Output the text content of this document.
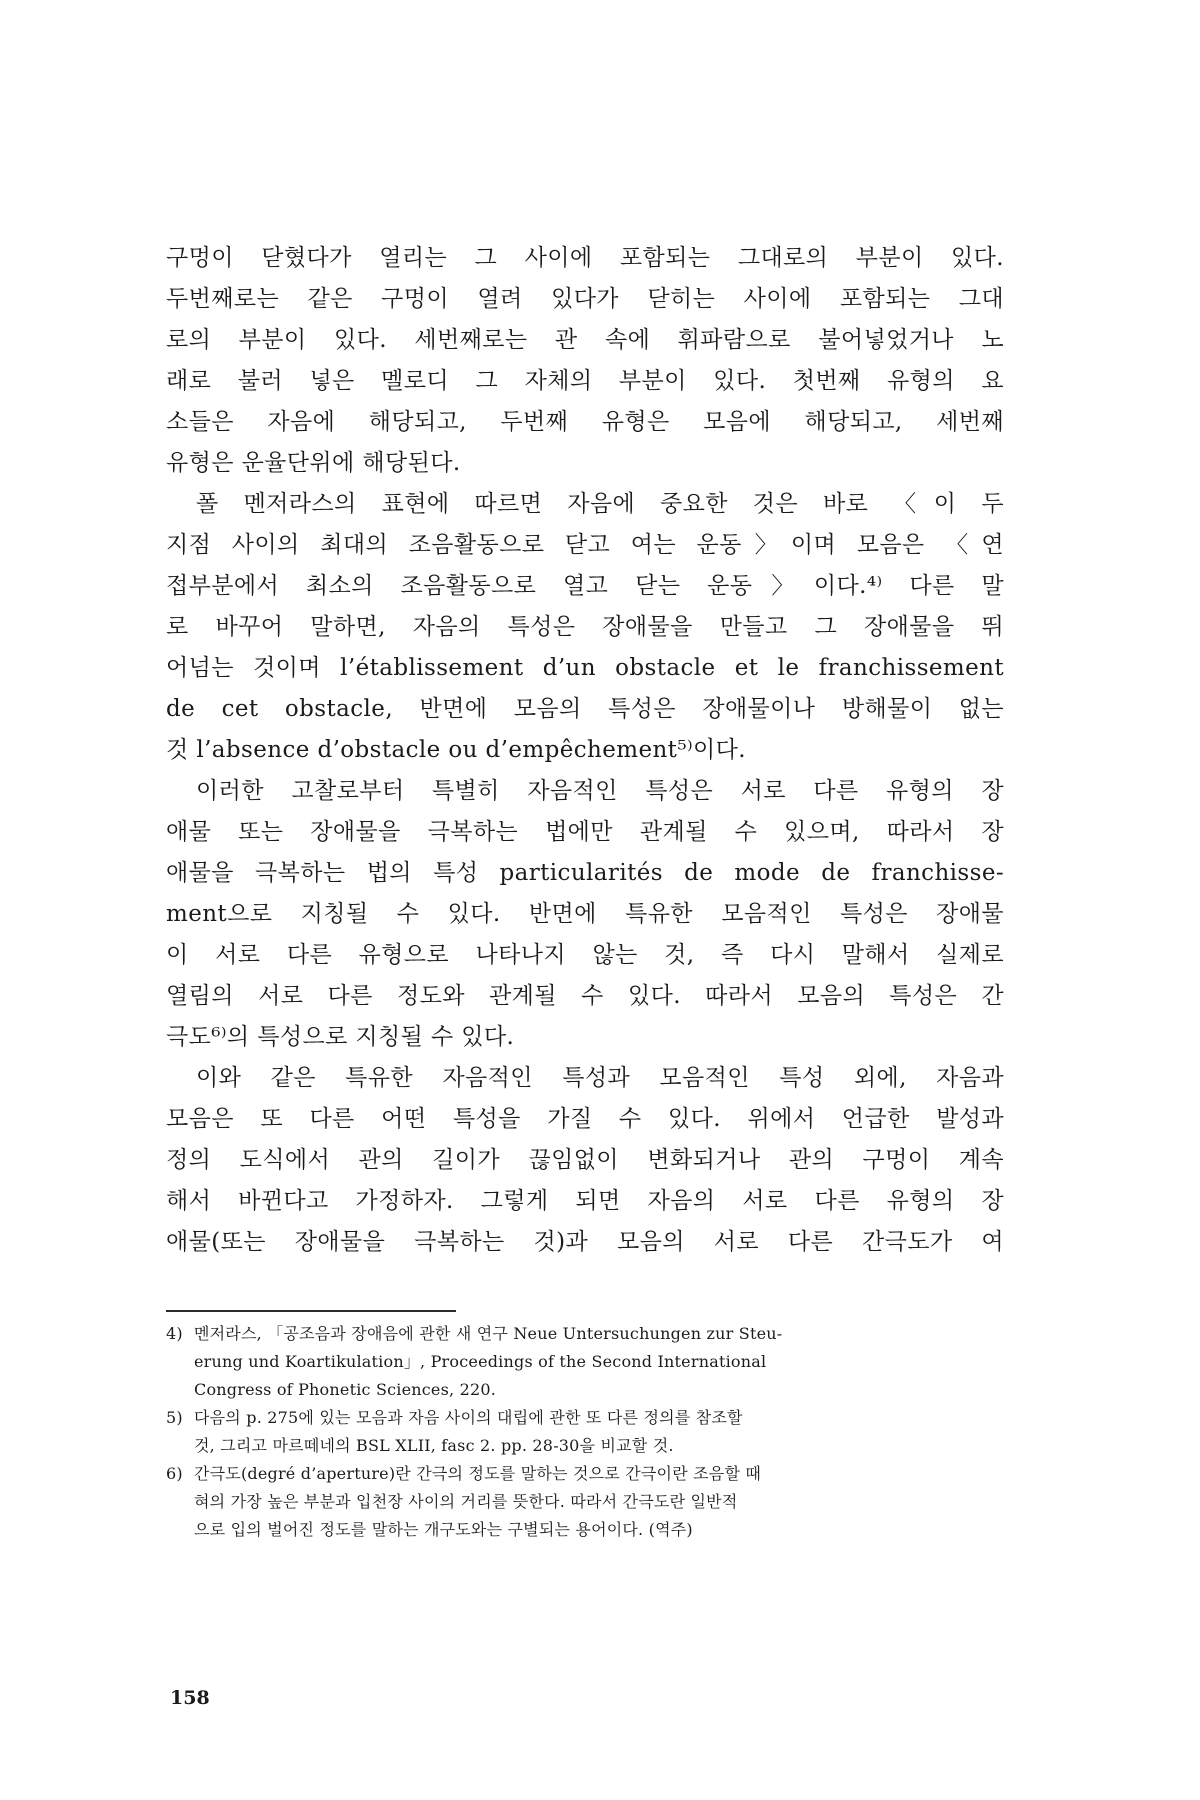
구멍이 닫혔다가 열리는 그 사이에 포함되는 그대로의 부분이 있다.
두번째로는 같은 구멍이 열려 있다가 닫히는 사이에 포함되는 그대
로의 부분이 있다. 세번째로는 관 속에 휘파람으로 불어넣었거나 노
래로 불러 넣은 멜로디 그 자체의 부분이 있다. 첫번째 유형의 요
소들은 자음에 해당되고, 두번째 유형은 모음에 해당되고, 세번째
유형은 운율단위에 해당된다.
폴 멘저라스의 표현에 따르면 자음에 중요한 것은 바로 〈이 두
지점 사이의 최대의 조음활동으로 닫고 여는 운동〉이며 모음은 〈연
접부분에서 최소의 조음활동으로 열고 닫는 운동〉이다.⁴⁾ 다른 말
로 바꾸어 말하면, 자음의 특성은 장애물을 만들고 그 장애물을 뛰
어넘는 것이며 l’établissement d’un obstacle et le franchissement
de cet obstacle, 반면에 모음의 특성은 장애물이나 방해물이 없는
것 l’absence d’obstacle ou d’empêchement⁵⁾이다.
이러한 고찰로부터 특별히 자음적인 특성은 서로 다른 유형의 장
애물 또는 장애물을 극복하는 법에만 관계될 수 있으며, 따라서 장
애물을 극복하는 법의 특성 particularités de mode de franchisse-
ment으로 지칭될 수 있다. 반면에 특유한 모음적인 특성은 장애물
이 서로 다른 유형으로 나타나지 않는 것, 즉 다시 말해서 실제로
열림의 서로 다른 정도와 관계될 수 있다. 따라서 모음의 특성은 간
극도⁶⁾의 특성으로 지칭될 수 있다.
이와 같은 특유한 자음적인 특성과 모음적인 특성 외에, 자음과
모음은 또 다른 어떤 특성을 가질 수 있다. 위에서 언급한 발성과
정의 도식에서 관의 길이가 끊임없이 변화되거나 관의 구멍이 계속
해서 바뀐다고 가정하자. 그렇게 되면 자음의 서로 다른 유형의 장
애물(또는 장애물을 극복하는 것)과 모음의 서로 다른 간극도가 여
4) 멘저라스, 「공조음과 장애음에 관한 새 연구 Neue Untersuchungen zur Steu-
erung und Koartikulation」, Proceedings of the Second International
Congress of Phonetic Sciences, 220.
5) 다음의 p. 275에 있는 모음과 자음 사이의 대립에 관한 또 다른 정의를 참조할
것, 그리고 마르떼네의 BSL XLII, fasc 2. pp. 28-30을 비교할 것.
6) 간극도(degré d’aperture)란 간극의 정도를 말하는 것으로 간극이란 조음할 때
혀의 가장 높은 부분과 입천장 사이의 거리를 뜻한다. 따라서 간극도란 일반적
으로 입의 벌어진 정도를 말하는 개구도와는 구별되는 용어이다. (역주)
158
